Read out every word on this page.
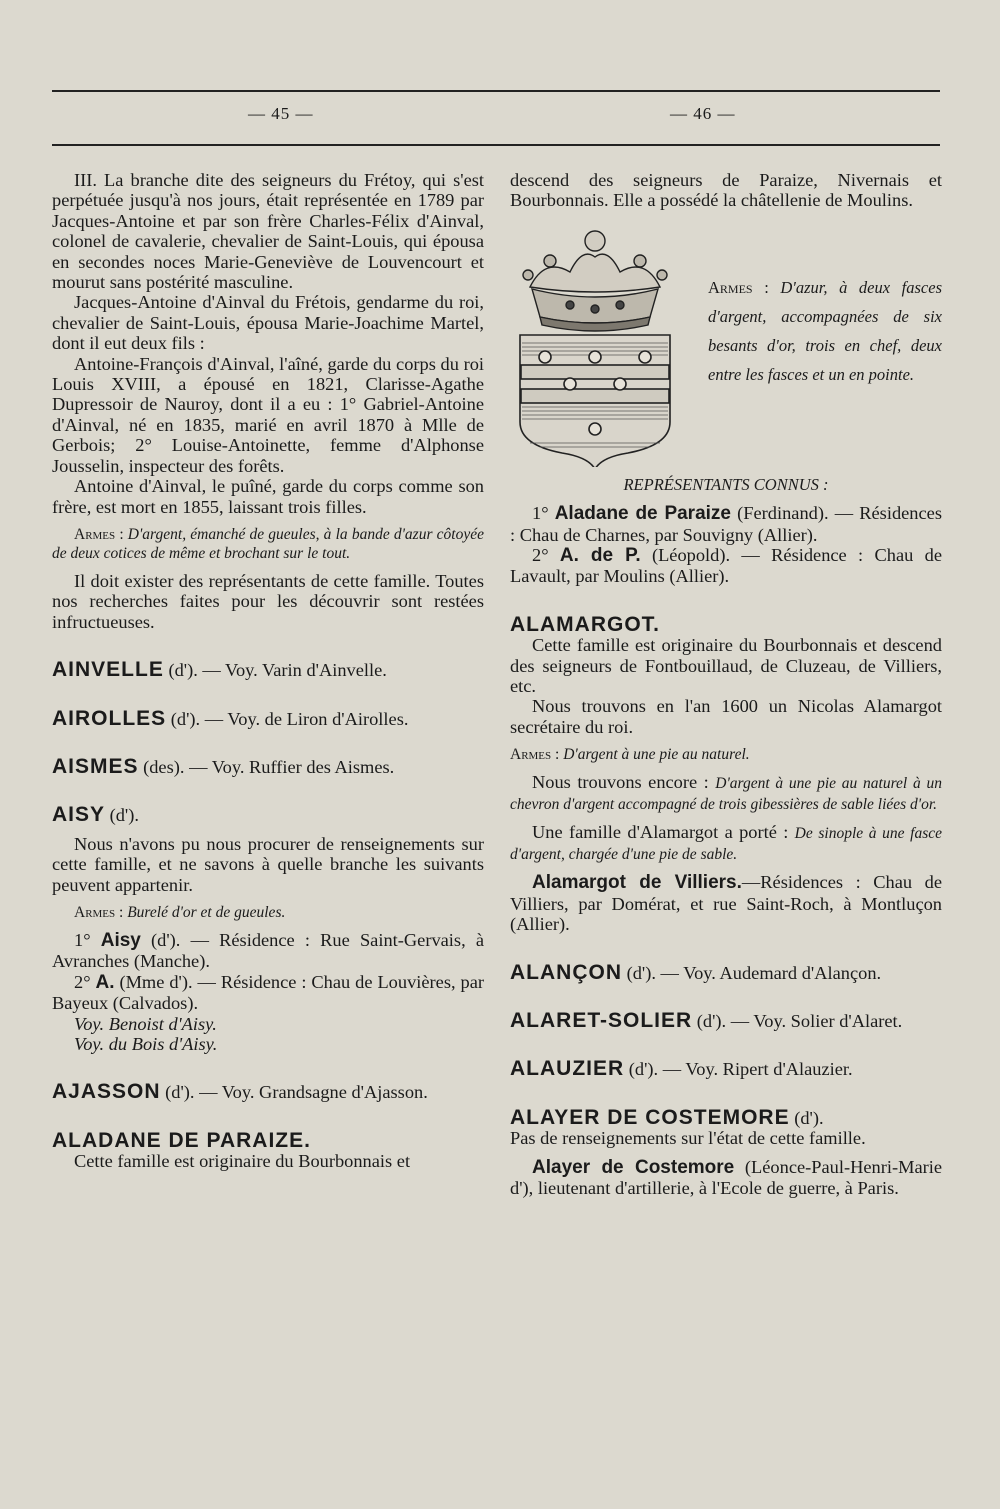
— 45 —	— 46 —

III. La branche dite des seigneurs du Frétoy, qui s'est perpétuée jusqu'à nos jours, était représentée en 1789 par Jacques-Antoine et par son frère Charles-Félix d'Ainval, colonel de cavalerie, chevalier de Saint-Louis, qui épousa en secondes noces Marie-Geneviève de Louvencourt et mourut sans postérité masculine.

Jacques-Antoine d'Ainval du Frétois, gendarme du roi, chevalier de Saint-Louis, épousa Marie-Joachime Martel, dont il eut deux fils :

Antoine-François d'Ainval, l'aîné, garde du corps du roi Louis XVIII, a épousé en 1821, Clarisse-Agathe Dupressoir de Nauroy, dont il a eu : 1° Gabriel-Antoine d'Ainval, né en 1835, marié en avril 1870 à Mlle de Gerbois; 2° Louise-Antoinette, femme d'Alphonse Jousselin, inspecteur des forêts.

Antoine d'Ainval, le puîné, garde du corps comme son frère, est mort en 1855, laissant trois filles.

Armes : D'argent, émanché de gueules, à la bande d'azur côtoyée de deux cotices de même et brochant sur le tout.

Il doit exister des représentants de cette famille. Toutes nos recherches faites pour les découvrir sont restées infructueuses.

AINVELLE (d'). — Voy. Varin d'Ainvelle.

AIROLLES (d'). — Voy. de Liron d'Airolles.

AISMES (des). — Voy. Ruffier des Aismes.

AISY (d').

Nous n'avons pu nous procurer de renseignements sur cette famille, et ne savons à quelle branche les suivants peuvent appartenir.

Armes : Burelé d'or et de gueules.

1° Aisy (d'). — Résidence : Rue Saint-Gervais, à Avranches (Manche).

2° A. (Mme d'). — Résidence : Chau de Louvières, par Bayeux (Calvados).

Voy. Benoist d'Aisy.

Voy. du Bois d'Aisy.

AJASSON (d'). — Voy. Grandsagne d'Ajasson.

ALADANE DE PARAIZE.

Cette famille est originaire du Bourbonnais et

descend des seigneurs de Paraize, Nivernais et Bourbonnais. Elle a possédé la châtellenie de Moulins.

Armes : D'azur, à deux fasces d'argent, accompagnées de six besants d'or, trois en chef, deux entre les fasces et un en pointe.

REPRÉSENTANTS CONNUS :

1° Aladane de Paraize (Ferdinand). — Résidences : Chau de Charnes, par Souvigny (Allier).

2° A. de P. (Léopold). — Résidence : Chau de Lavault, par Moulins (Allier).

ALAMARGOT.

Cette famille est originaire du Bourbonnais et descend des seigneurs de Fontbouillaud, de Cluzeau, de Villiers, etc.

Nous trouvons en l'an 1600 un Nicolas Alamargot secrétaire du roi.

Armes : D'argent à une pie au naturel.

Nous trouvons encore : D'argent à une pie au naturel à un chevron d'argent accompagné de trois gibessières de sable liées d'or.

Une famille d'Alamargot a porté : De sinople à une fasce d'argent, chargée d'une pie de sable.

Alamargot de Villiers.—Résidences : Chau de Villiers, par Domérat, et rue Saint-Roch, à Montluçon (Allier).

ALANÇON (d'). — Voy. Audemard d'Alançon.

ALARET-SOLIER (d'). — Voy. Solier d'Alaret.

ALAUZIER (d'). — Voy. Ripert d'Alauzier.

ALAYER DE COSTEMORE (d').

Pas de renseignements sur l'état de cette famille.

Alayer de Costemore (Léonce-Paul-Henri-Marie d'), lieutenant d'artillerie, à l'Ecole de guerre, à Paris.
